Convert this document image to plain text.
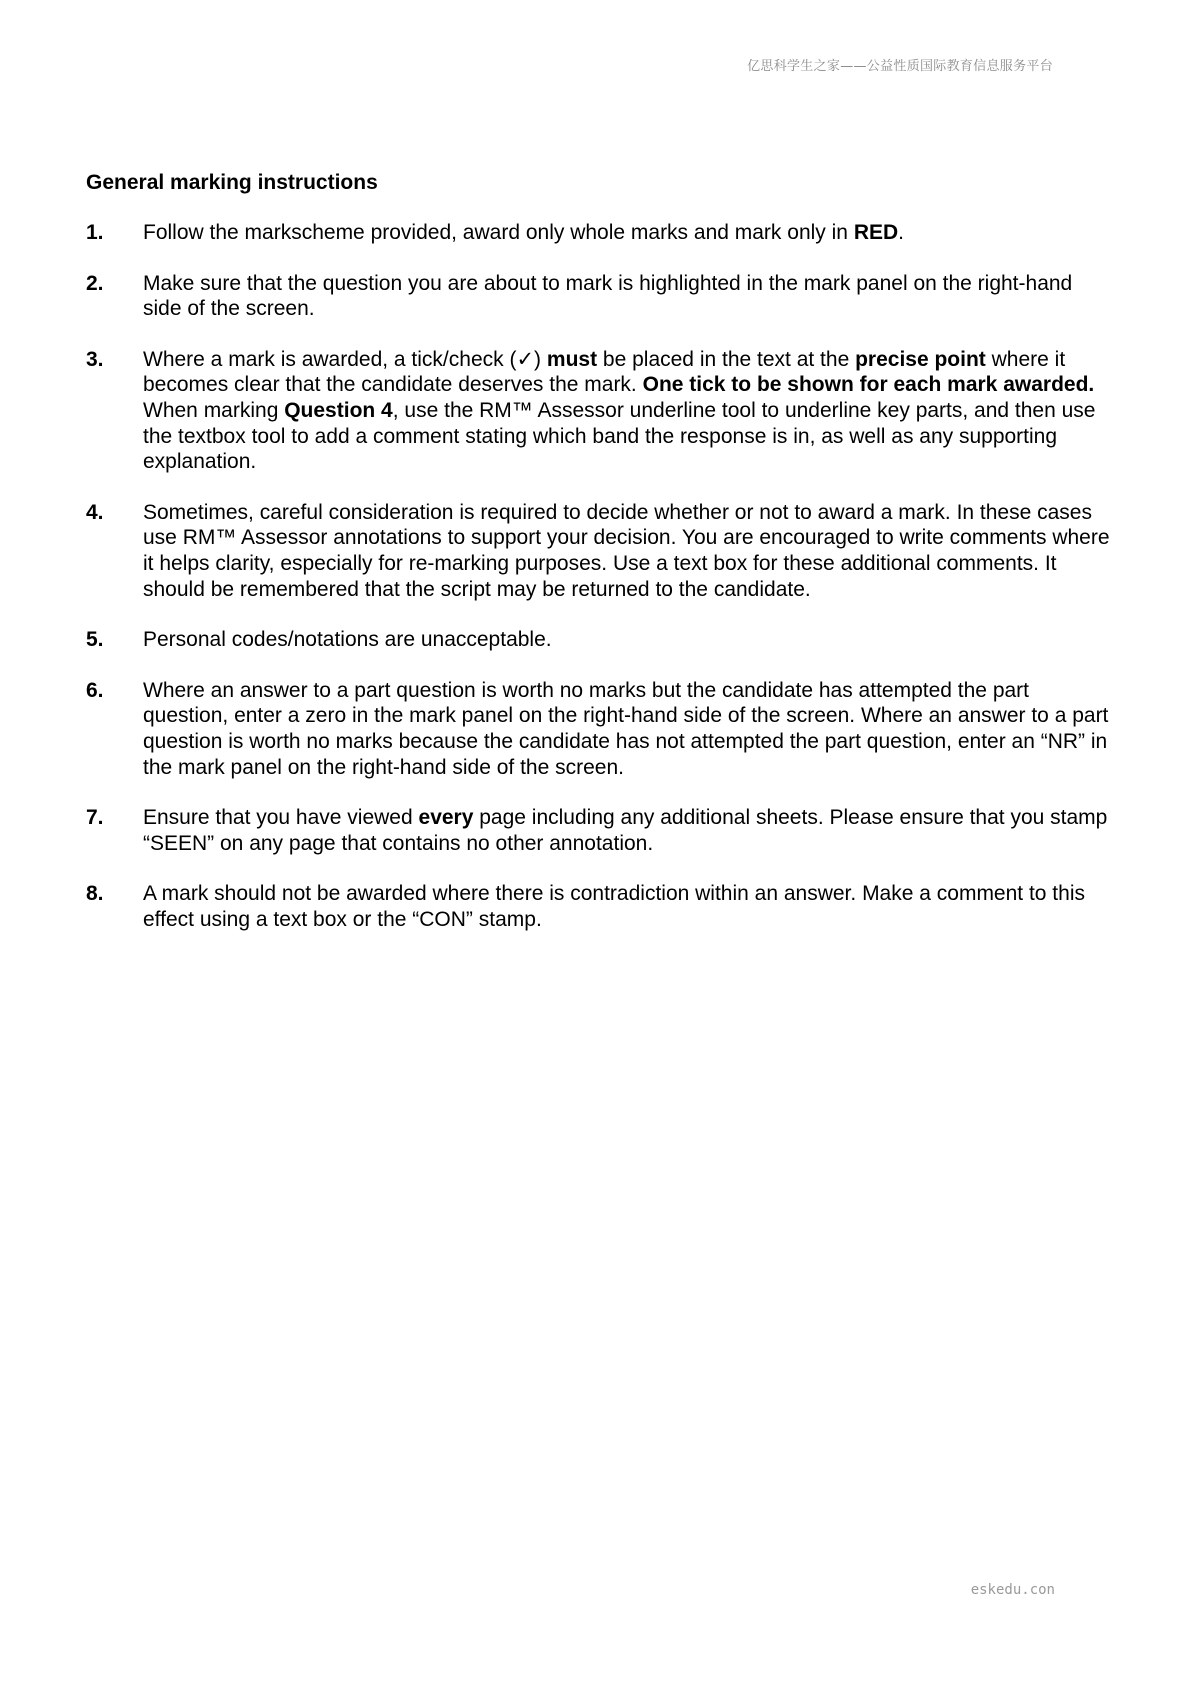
亿思科学生之家——公益性质国际教育信息服务平台
General marking instructions
1.	Follow the markscheme provided, award only whole marks and mark only in RED.
2.	Make sure that the question you are about to mark is highlighted in the mark panel on the right-hand side of the screen.
3.	Where a mark is awarded, a tick/check (✓) must be placed in the text at the precise point where it becomes clear that the candidate deserves the mark. One tick to be shown for each mark awarded. When marking Question 4, use the RM™ Assessor underline tool to underline key parts, and then use the textbox tool to add a comment stating which band the response is in, as well as any supporting explanation.
4.	Sometimes, careful consideration is required to decide whether or not to award a mark. In these cases use RM™ Assessor annotations to support your decision. You are encouraged to write comments where it helps clarity, especially for re-marking purposes. Use a text box for these additional comments. It should be remembered that the script may be returned to the candidate.
5.	Personal codes/notations are unacceptable.
6.	Where an answer to a part question is worth no marks but the candidate has attempted the part question, enter a zero in the mark panel on the right-hand side of the screen. Where an answer to a part question is worth no marks because the candidate has not attempted the part question, enter an “NR” in the mark panel on the right-hand side of the screen.
7.	Ensure that you have viewed every page including any additional sheets. Please ensure that you stamp “SEEN” on any page that contains no other annotation.
8.	A mark should not be awarded where there is contradiction within an answer. Make a comment to this effect using a text box or the “CON” stamp.
eskedu.con
